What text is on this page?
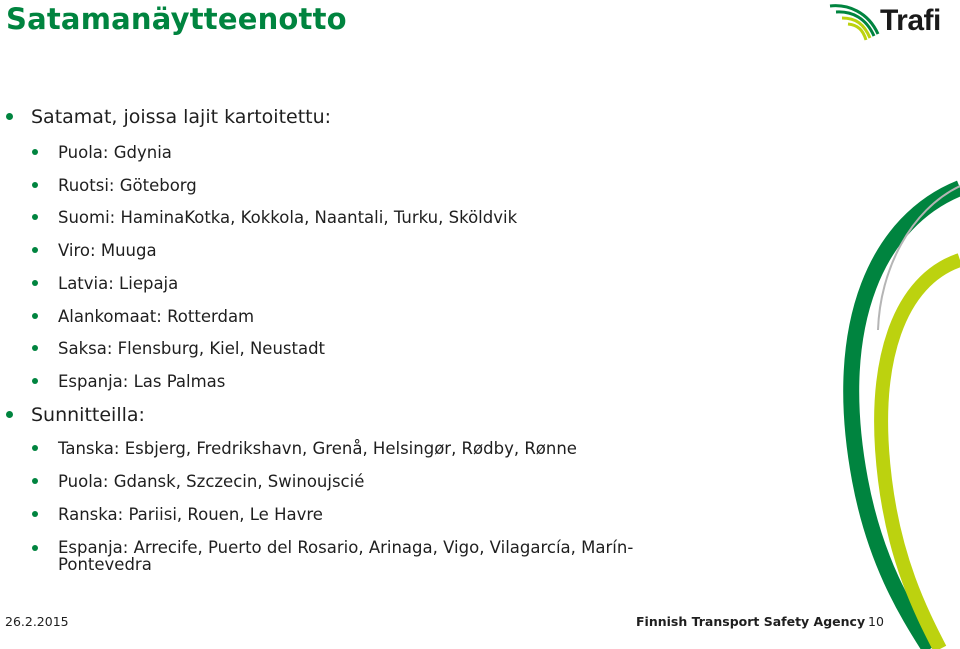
Satamanäytteenotto	Trafi
Satamat, joissa lajit kartoitettu:
Puola: Gdynia
Ruotsi: Göteborg
Suomi: HaminaKotka, Kokkola, Naantali, Turku, Sköldvik
Viro: Muuga
Latvia: Liepaja
Alankomaat: Rotterdam
Saksa: Flensburg, Kiel, Neustadt
Espanja: Las Palmas
Sunnitteilla:
Tanska: Esbjerg, Fredrikshavn, Grenå, Helsingør, Rødby, Rønne
Puola: Gdansk, Szczecin, Swinoujscié
Ranska: Pariisi, Rouen, Le Havre
Espanja: Arrecife, Puerto del Rosario, Arinaga, Vigo, Vilagarcía, Marín-Pontevedra
26.2.2015	Finnish Transport Safety Agency 10
